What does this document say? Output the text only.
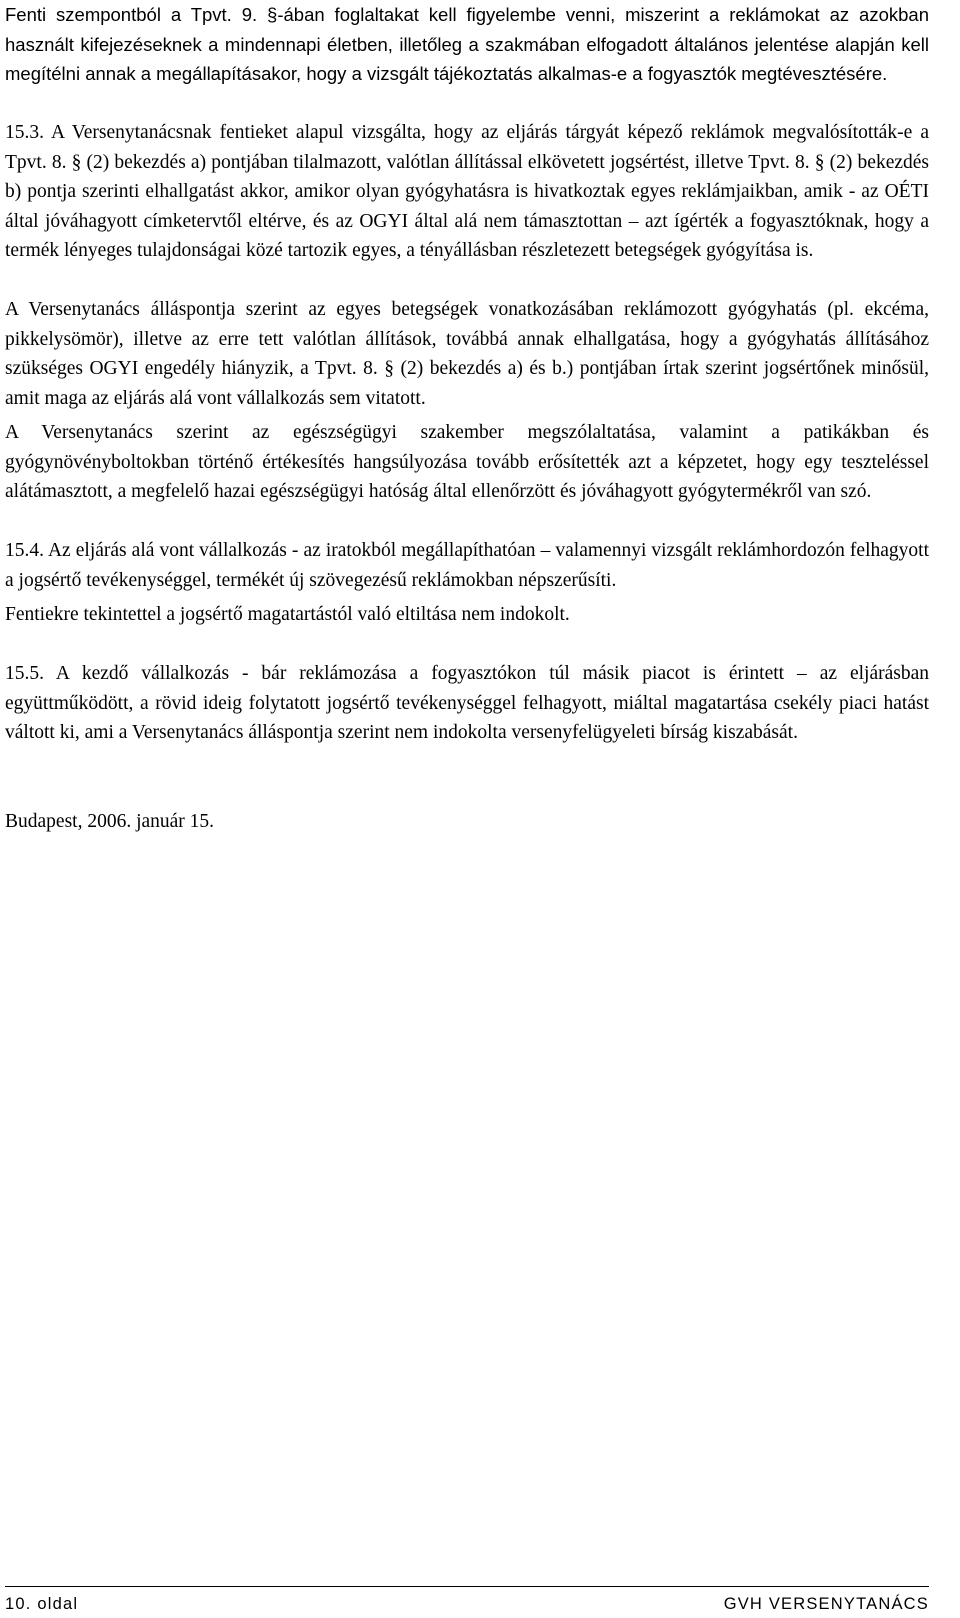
Fenti szempontból a Tpvt. 9. §-ában foglaltakat kell figyelembe venni, miszerint a reklámokat az azokban használt kifejezéseknek a mindennapi életben, illetőleg a szakmában elfogadott általános jelentése alapján kell megítélni annak a megállapításakor, hogy a vizsgált tájékoztatás alkalmas-e a fogyasztók megtévesztésére.

15.3. A Versenytanácsnak fentieket alapul vizsgálta, hogy az eljárás tárgyát képező reklámok megvalósították-e a Tpvt. 8. § (2) bekezdés a) pontjában tilalmazott, valótlan állítással elkövetett jogsértést, illetve Tpvt. 8. § (2) bekezdés b) pontja szerinti elhallgatást akkor, amikor olyan gyógyhatásra is hivatkoztak egyes reklámjaikban, amik - az OÉTI által jóváhagyott címketervtől eltérve, és az OGYI által alá nem támasztottan – azt ígérték a fogyasztóknak, hogy a termék lényeges tulajdonságai közé tartozik egyes, a tényállásban részletezett betegségek gyógyítása is.

A Versenytanács álláspontja szerint az egyes betegségek vonatkozásában reklámozott gyógyhatás (pl. ekcéma, pikkelysömör), illetve az erre tett valótlan állítások, továbbá annak elhallgatása, hogy a gyógyhatás állításához szükséges OGYI engedély hiányzik, a Tpvt. 8. § (2) bekezdés a) és b.) pontjában írtak szerint jogsértőnek minősül, amit maga az eljárás alá vont vállalkozás sem vitatott.

A Versenytanács szerint az egészségügyi szakember megszólaltatása, valamint a patikákban és gyógynövényboltokban történő értékesítés hangsúlyozása tovább erősítették azt a képzetet, hogy egy teszteléssel alátámasztott, a megfelelő hazai egészségügyi hatóság által ellenőrzött és jóváhagyott gyógytermékről van szó.

15.4. Az eljárás alá vont vállalkozás - az iratokból megállapíthatóan – valamennyi vizsgált reklámhordozón felhagyott a jogsértő tevékenységgel, termékét új szövegezésű reklámokban népszerűsíti.

Fentiekre tekintettel a jogsértő magatartástól való eltiltása nem indokolt.

15.5. A kezdő vállalkozás - bár reklámozása a fogyasztókon túl másik piacot is érintett – az eljárásban együttműködött, a rövid ideig folytatott jogsértő tevékenységgel felhagyott, miáltal magatartása csekély piaci hatást váltott ki, ami a Versenytanács álláspontja szerint nem indokolta versenyfelügyeleti bírság kiszabását.

Budapest, 2006. január 15.

10. oldal	GVH VERSENYTANÁCS
